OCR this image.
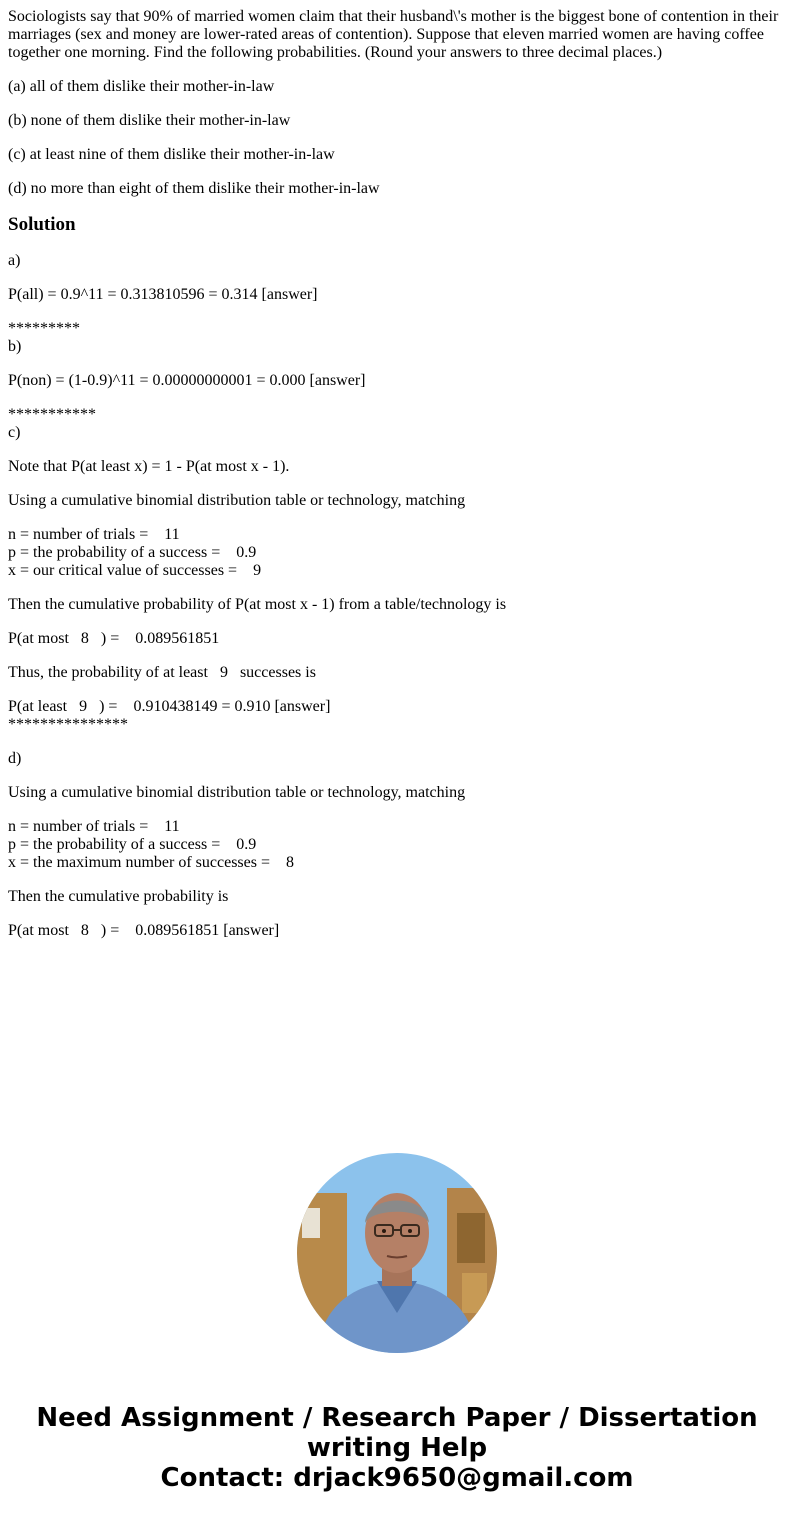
Sociologists say that 90% of married women claim that their husband\'s mother is the biggest bone of contention in their marriages (sex and money are lower-rated areas of contention). Suppose that eleven married women are having coffee together one morning. Find the following probabilities. (Round your answers to three decimal places.)

(a) all of them dislike their mother-in-law

(b) none of them dislike their mother-in-law

(c) at least nine of them dislike their mother-in-law

(d) no more than eight of them dislike their mother-in-law

Solution

a)

P(all) = 0.9^11 = 0.313810596 = 0.314 [answer]

*********
b)

P(non) = (1-0.9)^11 = 0.00000000001 = 0.000 [answer]

***********
c)

Note that P(at least x) = 1 - P(at most x - 1).

Using a cumulative binomial distribution table or technology, matching

n = number of trials =    11
p = the probability of a success =    0.9
x = our critical value of successes =    9

Then the cumulative probability of P(at most x - 1) from a table/technology is

P(at most   8   ) =    0.089561851

Thus, the probability of at least   9   successes is

P(at least   9   ) =    0.910438149 = 0.910 [answer]
***************

d)

Using a cumulative binomial distribution table or technology, matching

n = number of trials =    11
p = the probability of a success =    0.9
x = the maximum number of successes =    8

Then the cumulative probability is

P(at most   8   ) =    0.089561851 [answer]

Need Assignment / Research Paper / Dissertation
writing Help
Contact: drjack9650@gmail.com
